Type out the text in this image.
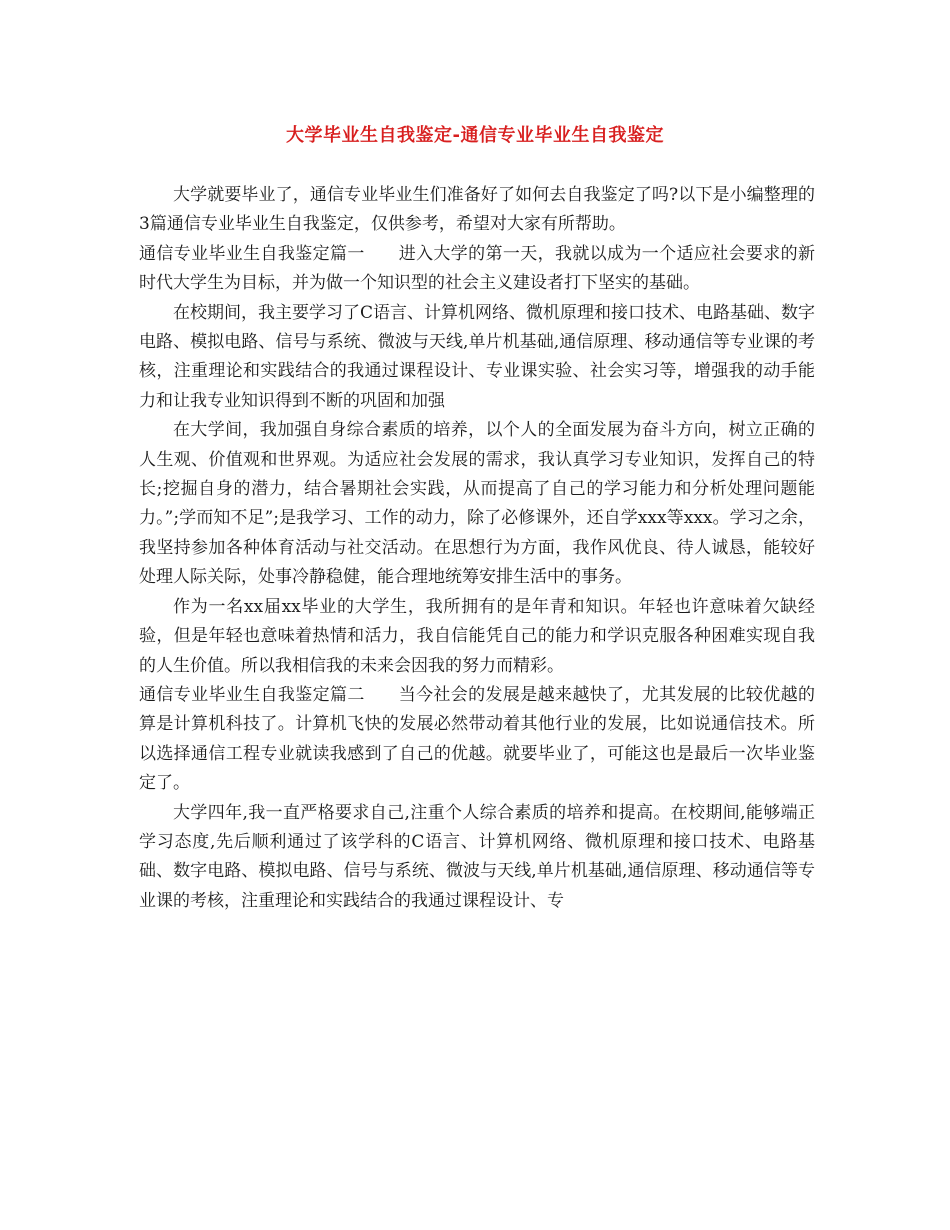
大学毕业生自我鉴定-通信专业毕业生自我鉴定

大学就要毕业了，通信专业毕业生们准备好了如何去自我鉴定了吗?以下是小编整理的3篇通信专业毕业生自我鉴定，仅供参考，希望对大家有所帮助。

通信专业毕业生自我鉴定篇一 进入大学的第一天，我就以成为一个适应社会要求的新时代大学生为目标，并为做一个知识型的社会主义建设者打下坚实的基础。

在校期间，我主要学习了C语言、计算机网络、微机原理和接口技术、电路基础、数字电路、模拟电路、信号与系统、微波与天线,单片机基础,通信原理、移动通信等专业课的考核，注重理论和实践结合的我通过课程设计、专业课实验、社会实习等，增强我的动手能力和让我专业知识得到不断的巩固和加强

在大学间，我加强自身综合素质的培养，以个人的全面发展为奋斗方向，树立正确的人生观、价值观和世界观。为适应社会发展的需求，我认真学习专业知识，发挥自己的特长;挖掘自身的潜力，结合暑期社会实践，从而提高了自己的学习能力和分析处理问题能力。”;学而知不足”;是我学习、工作的动力，除了必修课外，还自学xxx等xxx。学习之余，我坚持参加各种体育活动与社交活动。在思想行为方面，我作风优良、待人诚恳，能较好处理人际关际，处事冷静稳健，能合理地统筹安排生活中的事务。

作为一名xx届xx毕业的大学生，我所拥有的是年青和知识。年轻也许意味着欠缺经验，但是年轻也意味着热情和活力，我自信能凭自己的能力和学识克服各种困难实现自我的人生价值。所以我相信我的未来会因我的努力而精彩。

通信专业毕业生自我鉴定篇二 当今社会的发展是越来越快了，尤其发展的比较优越的算是计算机科技了。计算机飞快的发展必然带动着其他行业的发展，比如说通信技术。所以选择通信工程专业就读我感到了自己的优越。就要毕业了，可能这也是最后一次毕业鉴定了。

大学四年,我一直严格要求自己,注重个人综合素质的培养和提高。在校期间,能够端正学习态度,先后顺利通过了该学科的C语言、计算机网络、微机原理和接口技术、电路基础、数字电路、模拟电路、信号与系统、微波与天线,单片机基础,通信原理、移动通信等专业课的考核，注重理论和实践结合的我通过课程设计、专
